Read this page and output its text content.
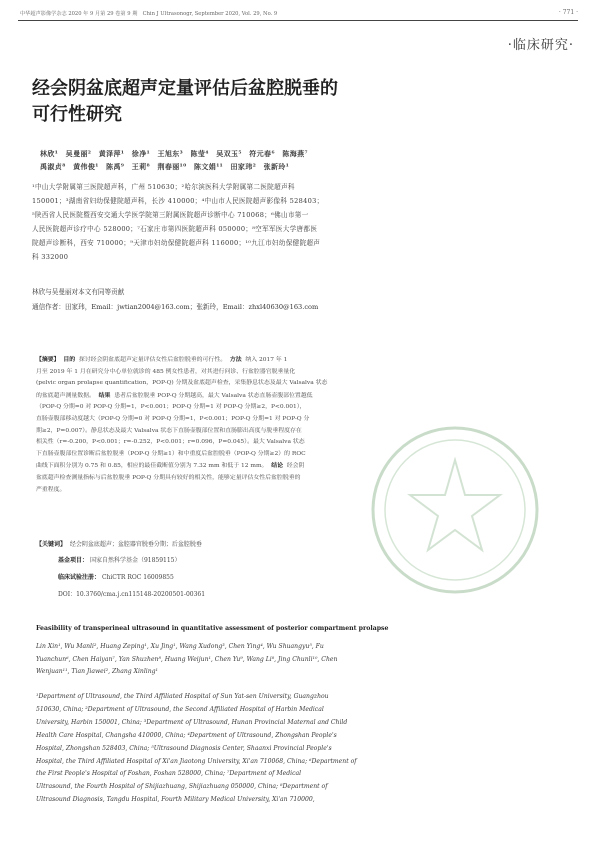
中华超声影像学杂志 2020 年 9 月第 29 卷第 9 期　Chin J Ultrasonogr, September 2020, Vol. 29, No. 9	· 771 ·
·临床研究·
经会阴盆底超声定量评估后盆腔脱垂的
可行性研究
林欣¹　吴曼丽²　黄泽萍¹　徐净¹　王旭东³　陈莹⁴　吴双玉⁵　符元春⁶　陈海燕⁷
禹淑贞⁸　黄伟俊¹　陈禹⁹　王莉⁸　荆春丽¹⁰　陈文娟¹¹　田家玮²　张新玲¹
¹中山大学附属第三医院超声科，广州 510630；²哈尔滨医科大学附属第二医院超声科
150001；³湖南省妇幼保健院超声科，长沙 410000；⁴中山市人民医院超声影像科 528403；
⁵陕西省人民医院暨西安交通大学医学院第三附属医院超声诊断中心 710068；⁶佛山市第一
人民医院超声诊疗中心 528000；⁷石家庄市第四医院超声科 050000；⁸空军军医大学唐都医
院超声诊断科，西安 710000；⁹天津市妇幼保健院超声科 116000；¹⁰九江市妇幼保健院超声
科 332000
林欣与吴曼丽对本文有同等贡献
通信作者：田家玮，Email：jwtian2004@163.com；张新玲，Email：zhxl40630@163.com
【摘要】 目的 探讨经会阴盆底超声定量评估女性后盆腔脱垂的可行性。 方法 纳入 2017 年 1
月至 2019 年 1 月在研究分中心单位就诊的 485 例女性患者，对其进行问诊、行盆腔器官脱垂量化
(pelvic organ prolapse quantification，POP-Q) 分期及盆底超声检查，采集静息状态及最大 Valsalva 状态
的盆底超声测量数据。 结果 患者后盆腔脱垂 POP-Q 分期越高，最大 Valsalva 状态直肠壶腹部位置越低
（POP-Q 分期=0 对 POP-Q 分期=1，P<0.001；POP-Q 分期=1 对 POP-Q 分期≥2，P<0.001），
直肠壶腹部移动度越大（POP-Q 分期=0 对 POP-Q 分期=1，P<0.001；POP-Q 分期=1 对 POP-Q 分
期≥2，P=0.007）。静息状态及最大 Valsalva 状态下直肠壶腹部位置和直肠膨出高度与脱垂程度存在
相关性（r=-0.200，P<0.001；r=-0.252，P<0.001；r=0.096，P=0.045）。最大 Valsalva 状态
下直肠壶腹部位置诊断后盆腔脱垂（POP-Q 分期≥1）和中重度后盆腔脱垂（POP-Q 分期≥2）的 ROC
曲线下面积分别为 0.75 和 0.85，相应的最佳截断值分别为 7.32 mm 和低于 12 mm。 结论 经会阴
盆底超声检查测量指标与后盆腔脱垂 POP-Q 分期具有较好的相关性，能够定量评估女性后盆腔脱垂的
严重程度。
【关键词】 经会阴盆底超声；盆腔器官脱垂分期；后盆腔脱垂
基金项目： 国家自然科学基金（91859115）
临床试验注册： ChiCTR ROC 16009855
DOI：10.3760/cma.j.cn115148-20200501-00361
Feasibility of transperineal ultrasound in quantitative assessment of posterior compartment prolapse
Lin Xin¹, Wu Manli², Huang Zeping¹, Xu Jing¹, Wang Xudong³, Chen Ying⁴, Wu Shuangyu⁵, Fu
Yuanchun⁶, Chen Haiyan⁷, Yan Shuzhen⁸, Huang Weijun¹, Chen Yu⁹, Wang Li⁸, Jing Chunli¹⁰, Chen
Wenjuan¹¹, Tian Jiawei², Zhang Xinling¹
¹Department of Ultrasound, the Third Affiliated Hospital of Sun Yat-sen University, Guangzhou
510630, China; ²Department of Ultrasound, the Second Affiliated Hospital of Harbin Medical
University, Harbin 150001, China; ³Department of Ultrasound, Hunan Provincial Maternal and Child
Health Care Hospital, Changsha 410000, China; ⁴Department of Ultrasound, Zhongshan People's
Hospital, Zhongshan 528403, China; ⁵Ultrasound Diagnosis Center, Shaanxi Provincial People's
Hospital, the Third Affiliated Hospital of Xi'an Jiaotong University, Xi'an 710068, China; ⁶Department of
the First People's Hospital of Foshan, Foshan 528000, China; ⁷Department of Medical
Ultrasound, the Fourth Hospital of Shijiazhuang, Shijiazhuang 050000, China; ⁸Department of
Ultrasound Diagnosis, Tangdu Hospital, Fourth Military Medical University, Xi'an 710000,
